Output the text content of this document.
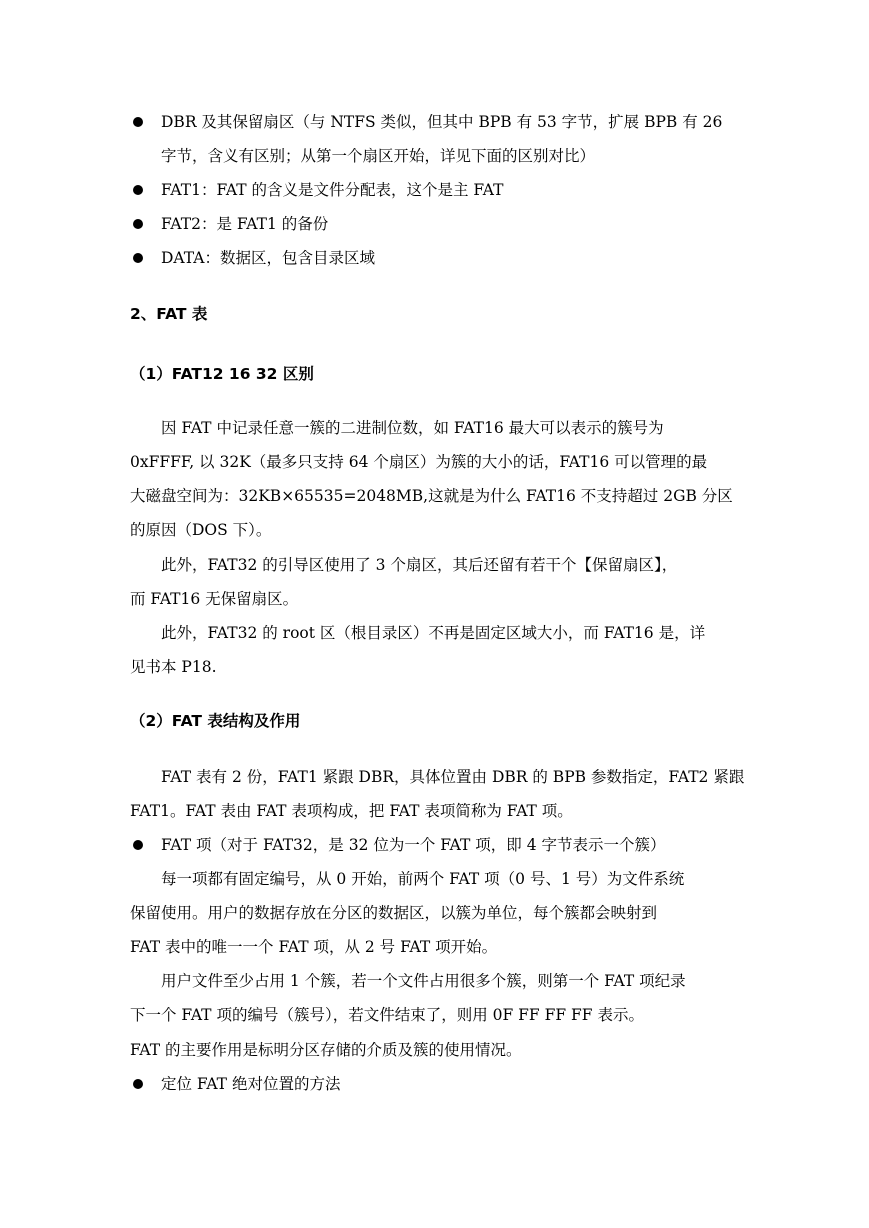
DBR 及其保留扇区（与 NTFS 类似，但其中 BPB 有 53 字节，扩展 BPB 有 26
字节，含义有区别；从第一个扇区开始，详见下面的区别对比）
FAT1：FAT 的含义是文件分配表，这个是主 FAT
FAT2：是 FAT1 的备份
DATA：数据区，包含目录区域
2、FAT 表
（1）FAT12 16 32 区别
因 FAT 中记录任意一簇的二进制位数，如 FAT16 最大可以表示的簇号为
0xFFFF, 以 32K（最多只支持 64 个扇区）为簇的大小的话，FAT16 可以管理的最
大磁盘空间为：32KB×65535=2048MB,这就是为什么 FAT16 不支持超过 2GB 分区
的原因（DOS 下）。
此外，FAT32 的引导区使用了 3 个扇区，其后还留有若干个【保留扇区】，
而 FAT16 无保留扇区。
此外，FAT32 的 root 区（根目录区）不再是固定区域大小，而 FAT16 是，详
见书本 P18.
（2）FAT 表结构及作用
FAT 表有 2 份，FAT1 紧跟 DBR，具体位置由 DBR 的 BPB 参数指定，FAT2 紧跟
FAT1。FAT 表由 FAT 表项构成，把 FAT 表项简称为 FAT 项。
FAT 项（对于 FAT32，是 32 位为一个 FAT 项，即 4 字节表示一个簇）
每一项都有固定编号，从 0 开始，前两个 FAT 项（0 号、1 号）为文件系统
保留使用。用户的数据存放在分区的数据区，以簇为单位，每个簇都会映射到
FAT 表中的唯一一个 FAT 项，从 2 号 FAT 项开始。
用户文件至少占用 1 个簇，若一个文件占用很多个簇，则第一个 FAT 项纪录
下一个 FAT 项的编号（簇号），若文件结束了，则用 0F FF FF FF 表示。
FAT 的主要作用是标明分区存储的介质及簇的使用情况。
定位 FAT 绝对位置的方法
